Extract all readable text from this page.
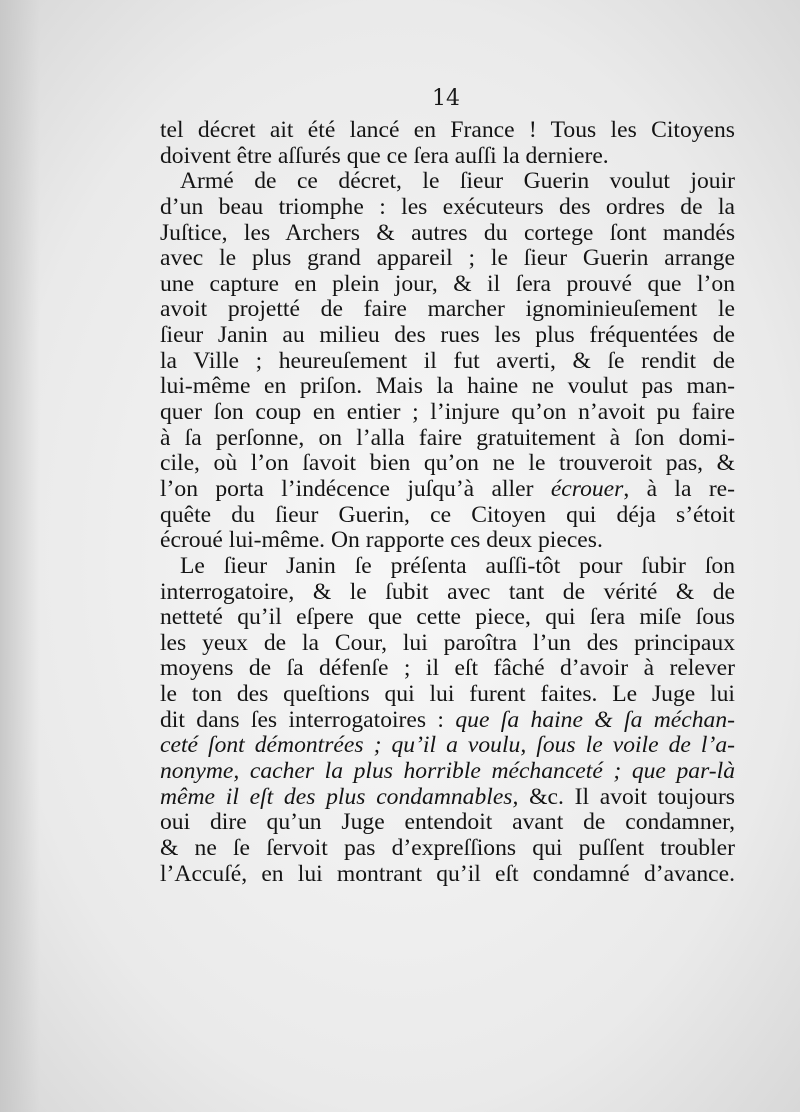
14
tel décret ait été lancé en France ! Tous les Citoyens
doivent être aſſurés que ce ſera auſſi la derniere.
Armé de ce décret, le ſieur Guerin voulut jouir
d’un beau triomphe : les exécuteurs des ordres de la
Juſtice, les Archers & autres du cortege ſont mandés
avec le plus grand appareil ; le ſieur Guerin arrange
une capture en plein jour, & il ſera prouvé que l’on
avoit projetté de faire marcher ignominieuſement le
ſieur Janin au milieu des rues les plus fréquentées de
la Ville ; heureuſement il fut averti, & ſe rendit de
lui-même en priſon. Mais la haine ne voulut pas man-
quer ſon coup en entier ; l’injure qu’on n’avoit pu faire
à ſa perſonne, on l’alla faire gratuitement à ſon domi-
cile, où l’on ſavoit bien qu’on ne le trouveroit pas, &
l’on porta l’indécence juſqu’à aller écrouer, à la re-
quête du ſieur Guerin, ce Citoyen qui déja s’étoit
écroué lui-même. On rapporte ces deux pieces.
Le ſieur Janin ſe préſenta auſſi-tôt pour ſubir ſon
interrogatoire, & le ſubit avec tant de vérité & de
netteté qu’il eſpere que cette piece, qui ſera miſe ſous
les yeux de la Cour, lui paroîtra l’un des principaux
moyens de ſa défenſe ; il eſt fâché d’avoir à relever
le ton des queſtions qui lui furent faites. Le Juge lui
dit dans ſes interrogatoires : que ſa haine & ſa méchan-
ceté ſont démontrées ; qu’il a voulu, ſous le voile de l’a-
nonyme, cacher la plus horrible méchanceté ; que par-là
même il eſt des plus condamnables, &c. Il avoit toujours
oui dire qu’un Juge entendoit avant de condamner,
& ne ſe ſervoit pas d’expreſſions qui puſſent troubler
l’Accuſé, en lui montrant qu’il eſt condamné d’avance.
